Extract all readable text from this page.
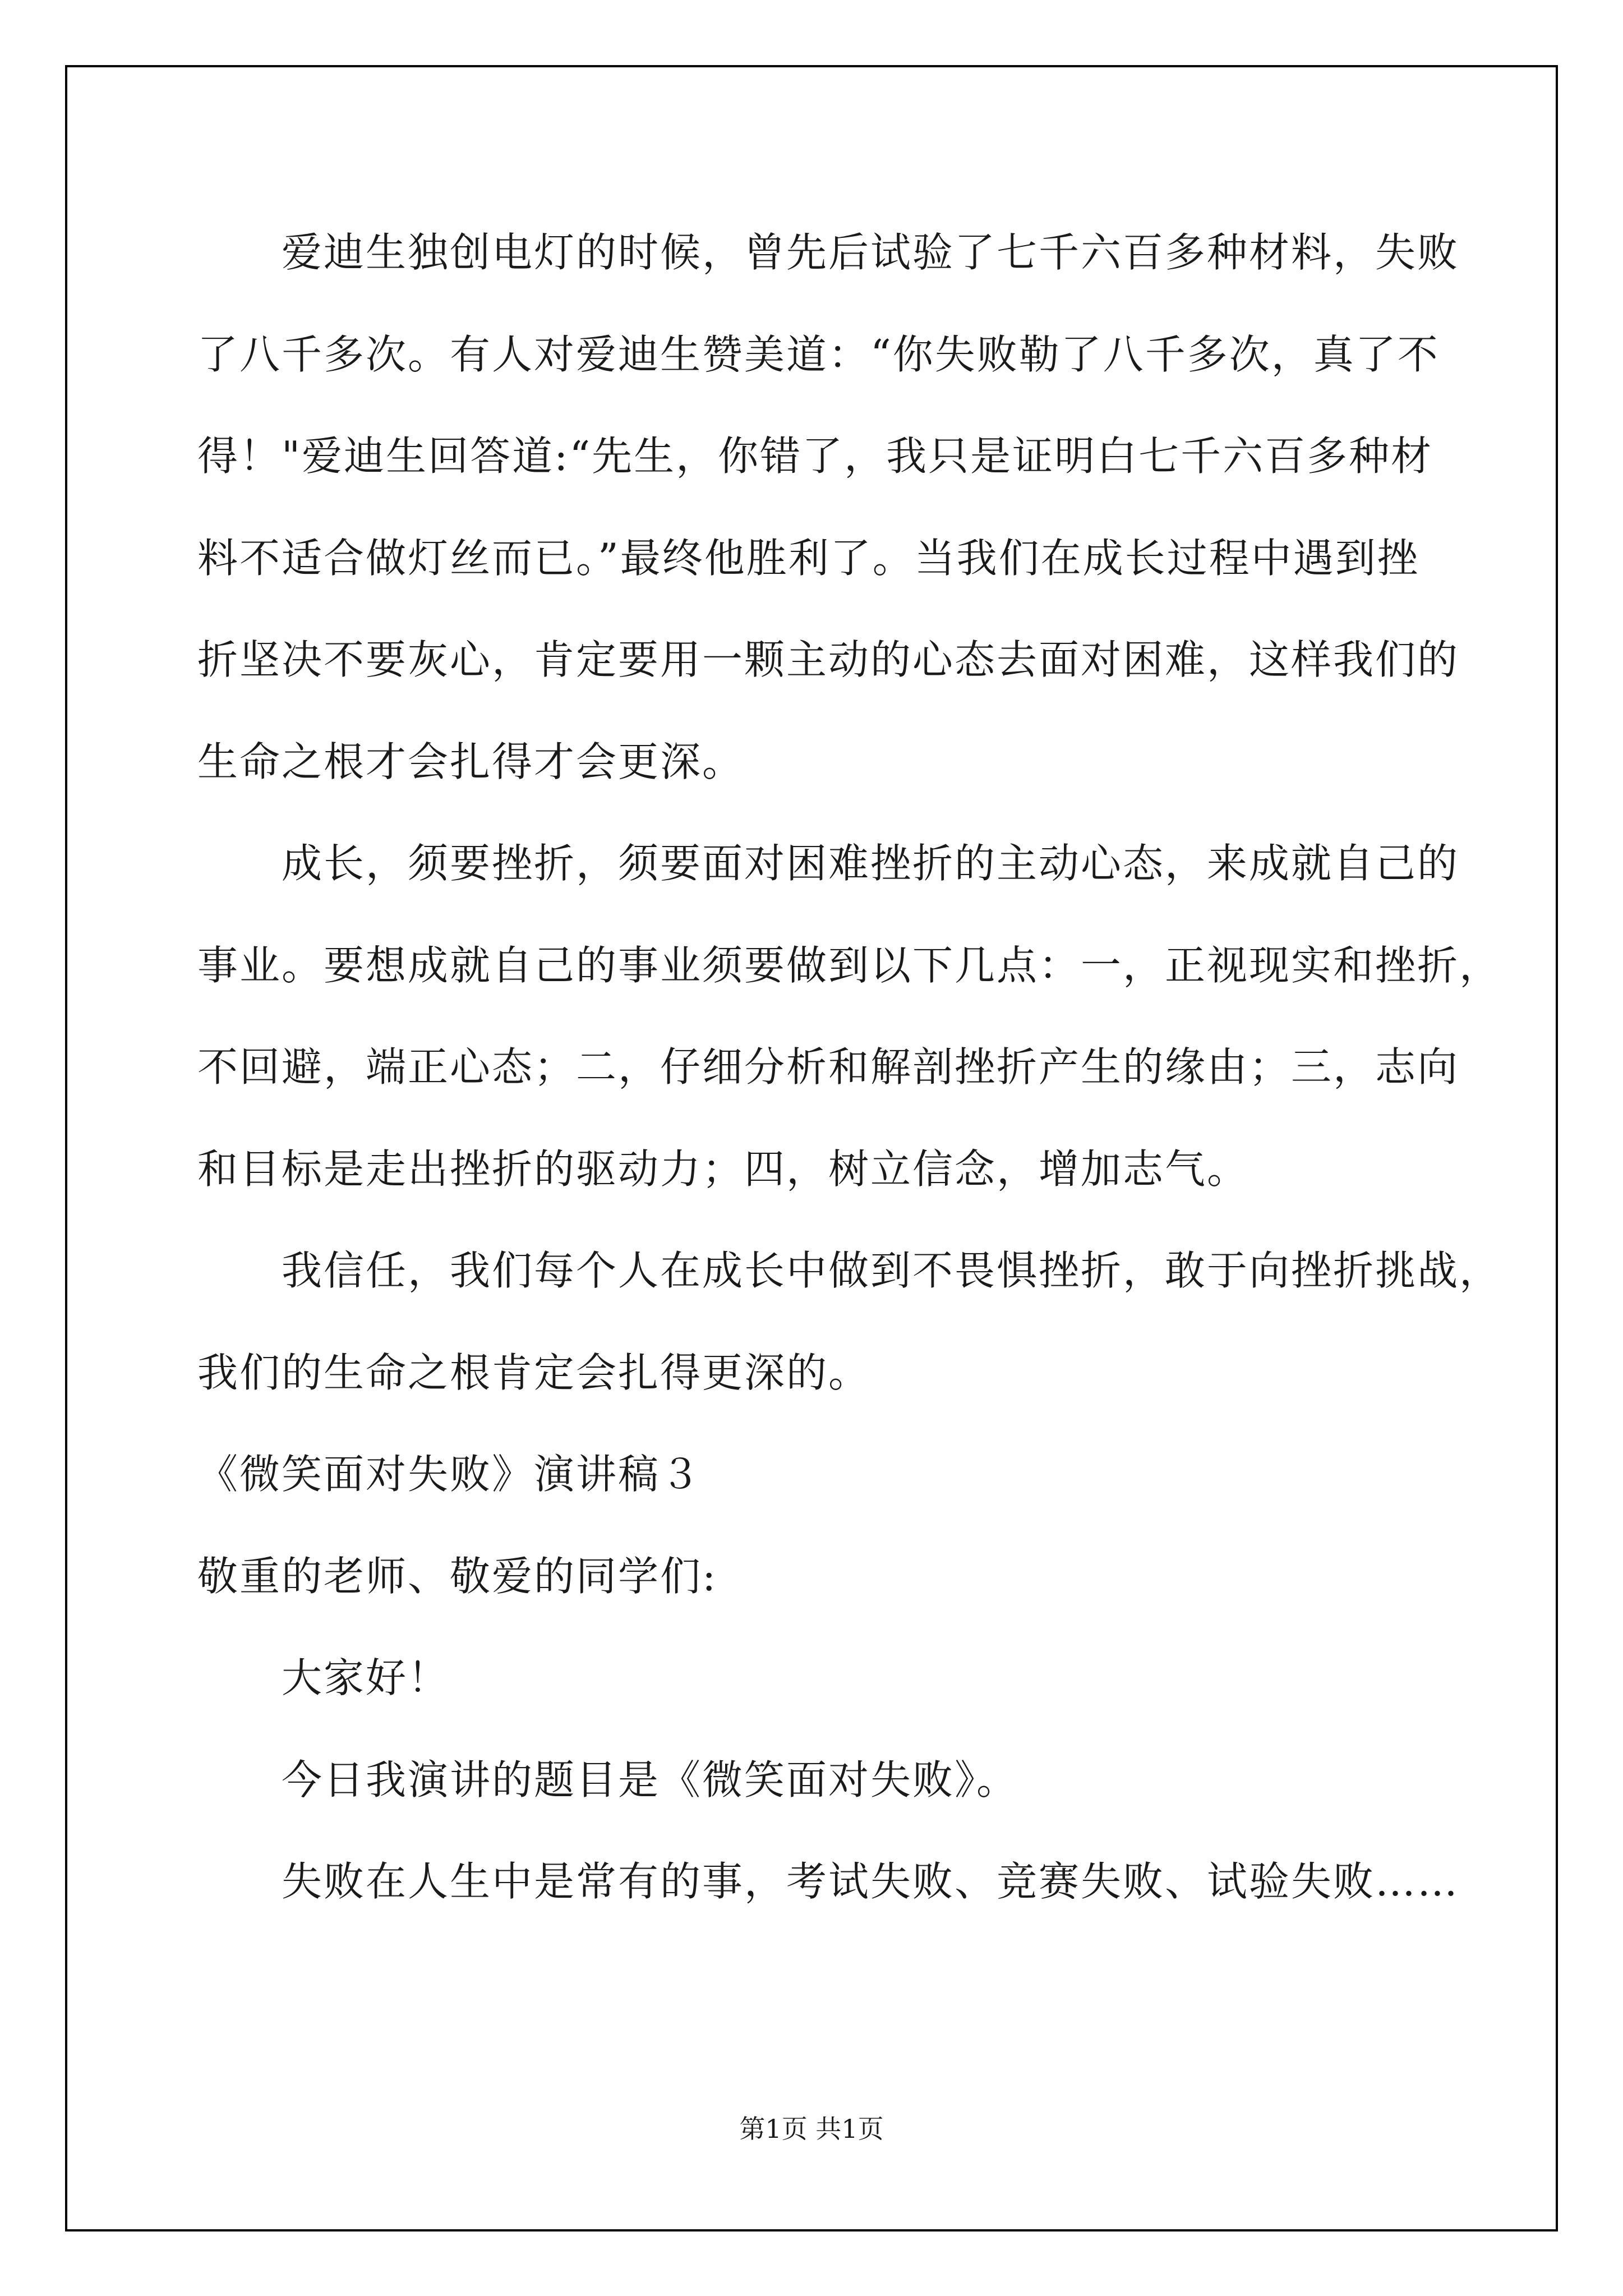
爱迪生独创电灯的时候，曾先后试验了七千六百多种材料，失败
了八千多次。有人对爱迪生赞美道：“你失败勒了八千多次，真了不
得！"爱迪生回答道:“先生，你错了，我只是证明白七千六百多种材
料不适合做灯丝而已。”最终他胜利了。当我们在成长过程中遇到挫
折坚决不要灰心，肯定要用一颗主动的心态去面对困难，这样我们的
生命之根才会扎得才会更深。
成长，须要挫折，须要面对困难挫折的主动心态，来成就自己的
事业。要想成就自己的事业须要做到以下几点：一，正视现实和挫折，
不回避，端正心态；二，仔细分析和解剖挫折产生的缘由；三，志向
和目标是走出挫折的驱动力；四，树立信念，增加志气。
我信任，我们每个人在成长中做到不畏惧挫折，敢于向挫折挑战，
我们的生命之根肯定会扎得更深的。
《微笑面对失败》演讲稿３
敬重的老师、敬爱的同学们:
大家好！
今日我演讲的题目是《微笑面对失败》。
失败在人生中是常有的事，考试失败、竞赛失败、试验失败……
第1页 共1页
